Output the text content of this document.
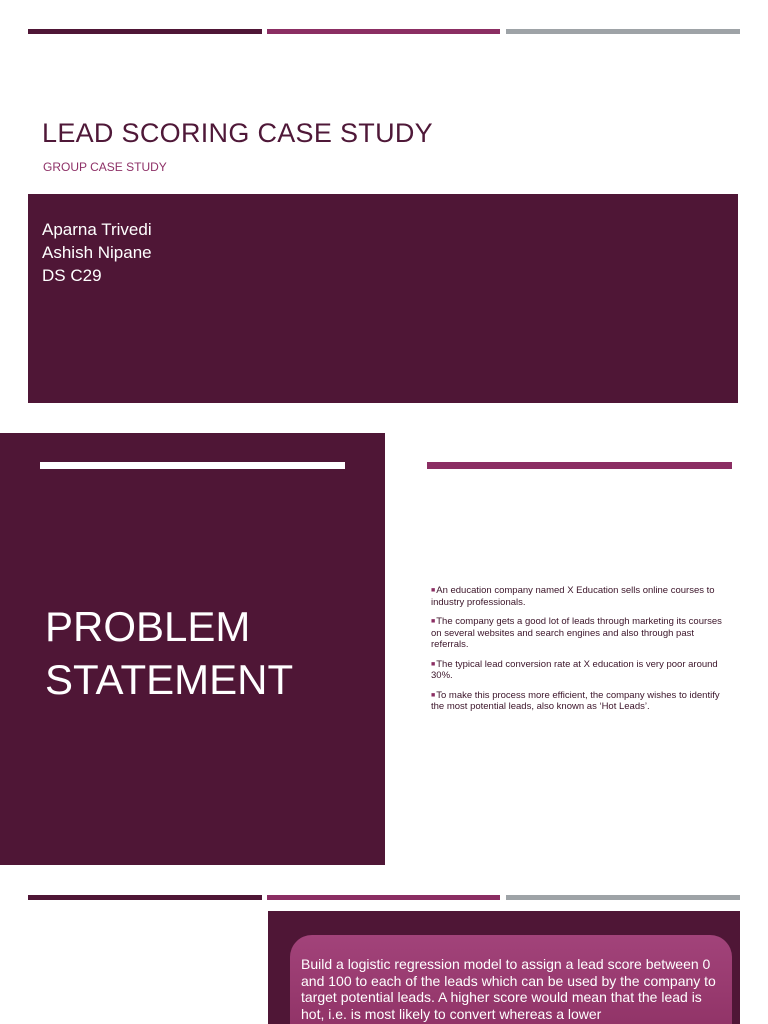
LEAD SCORING CASE STUDY
GROUP CASE STUDY
Aparna Trivedi
Ashish Nipane
DS C29
PROBLEM
STATEMENT
■An education company named X Education sells online courses to industry professionals.
■The company gets a good lot of leads through marketing its courses on several websites and search engines and also through past referrals.
■The typical lead conversion rate at X education is very poor around 30%.
■To make this process more efficient, the company wishes to identify the most potential leads, also known as ‘Hot Leads’.

Build a logistic regression model to assign a lead score between 0 and 100 to each of the leads which can be used by the company to target potential leads. A higher score would mean that the lead is hot, i.e. is most likely to convert whereas a lower
